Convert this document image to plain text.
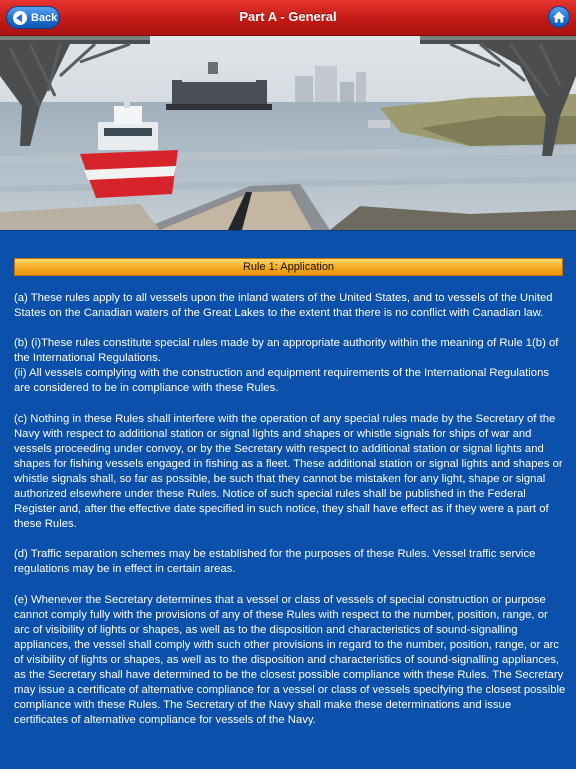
Part A - General
Back
Rule 1: Application

(a) These rules apply to all vessels upon the inland waters of the United States, and to vessels of the United States on the Canadian waters of the Great Lakes to the extent that there is no conflict with Canadian law.

(b) (i)These rules constitute special rules made by an appropriate authority within the meaning of Rule 1(b) of the International Regulations.

(ii) All vessels complying with the construction and equipment requirements of the International Regulations are considered to be in compliance with these Rules.

(c) Nothing in these Rules shall interfere with the operation of any special rules made by the Secretary of the Navy with respect to additional station or signal lights and shapes or whistle signals for ships of war and vessels proceeding under convoy, or by the Secretary with respect to additional station or signal lights and shapes for fishing vessels engaged in fishing as a fleet. These additional station or signal lights and shapes or whistle signals shall, so far as possible, be such that they cannot be mistaken for any light, shape or signal authorized elsewhere under these Rules. Notice of such special rules shall be published in the Federal Register and, after the effective date specified in such notice, they shall have effect as if they were a part of these Rules.

(d) Traffic separation schemes may be established for the purposes of these Rules. Vessel traffic service regulations may be in effect in certain areas.

(e) Whenever the Secretary determines that a vessel or class of vessels of special construction or purpose cannot comply fully with the provisions of any of these Rules with respect to the number, position, range, or arc of visibility of lights or shapes, as well as to the disposition and characteristics of sound-signalling appliances, the vessel shall comply with such other provisions in regard to the number, position, range, or arc of visibility of lights or shapes, as well as to the disposition and characteristics of sound-signalling appliances, as the Secretary shall have determined to be the closest possible compliance with these Rules. The Secretary may issue a certificate of alternative compliance for a vessel or class of vessels specifying the closest possible compliance with these Rules. The Secretary of the Navy shall make these determinations and issue certificates of alternative compliance for vessels of the Navy.
